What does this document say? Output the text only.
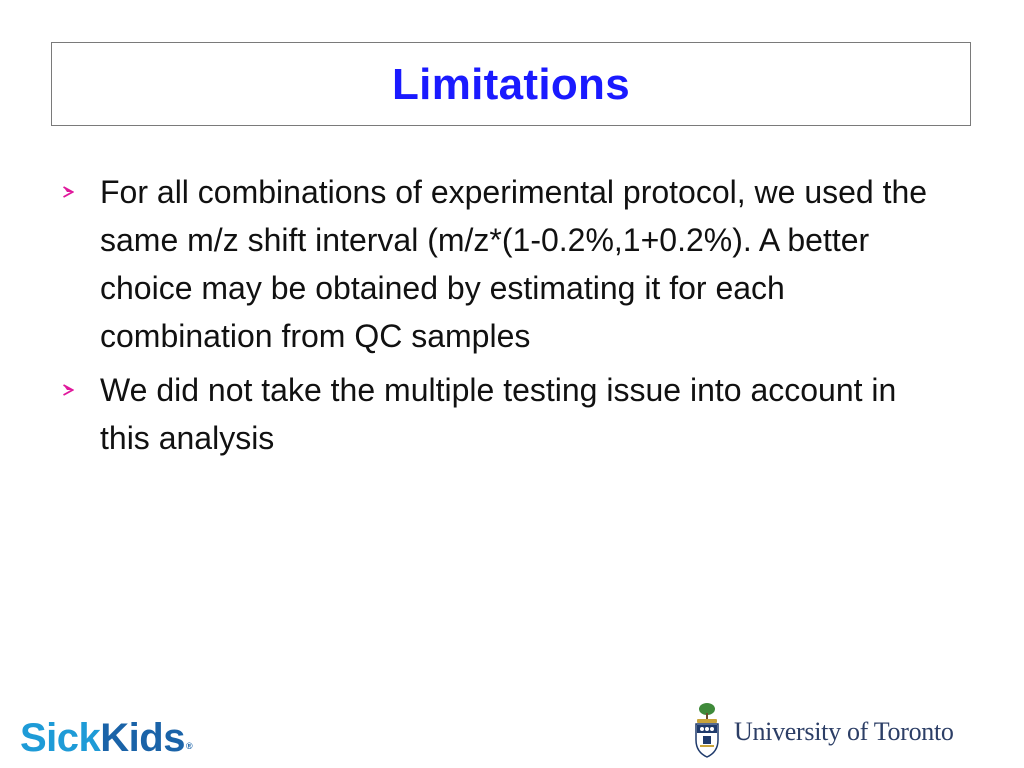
Limitations
For all combinations of experimental protocol, we used the same m/z shift interval (m/z*(1-0.2%,1+0.2%). A better choice may be obtained by estimating it for each combination from QC samples
We did not take the multiple testing issue into account in this analysis
SickKids®	University of Toronto
